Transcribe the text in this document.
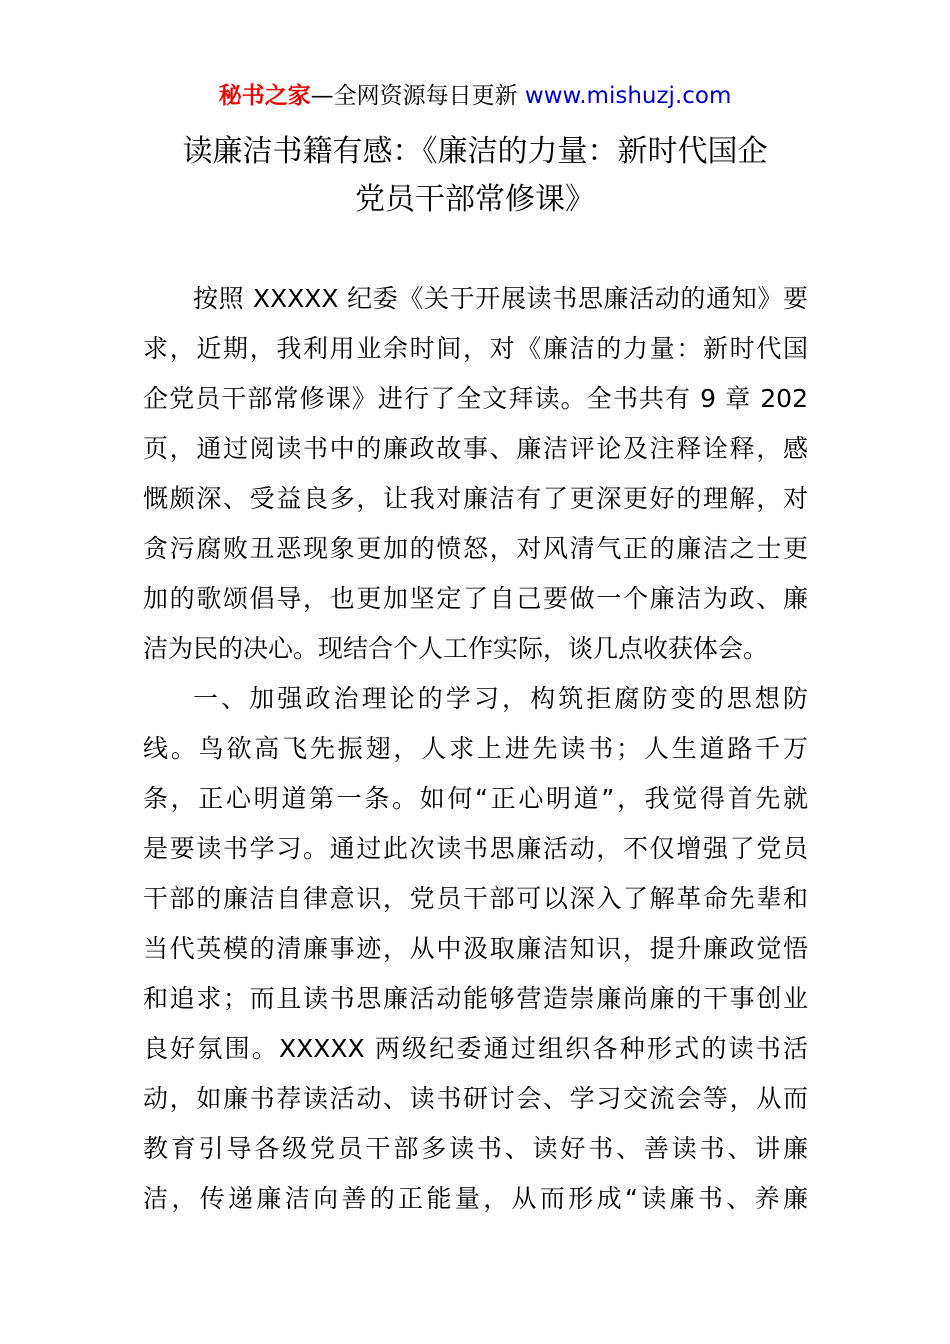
秘书之家—全网资源每日更新 www.mishuzj.com
读廉洁书籍有感：《廉洁的力量：新时代国企
党员干部常修课》
按照 XXXXX 纪委《关于开展读书思廉活动的通知》要
求，近期，我利用业余时间，对《廉洁的力量：新时代国
企党员干部常修课》进行了全文拜读。全书共有 9 章 202
页，通过阅读书中的廉政故事、廉洁评论及注释诠释，感
慨颇深、受益良多，让我对廉洁有了更深更好的理解，对
贪污腐败丑恶现象更加的愤怒，对风清气正的廉洁之士更
加的歌颂倡导，也更加坚定了自己要做一个廉洁为政、廉
洁为民的决心。现结合个人工作实际，谈几点收获体会。
一、加强政治理论的学习，构筑拒腐防变的思想防
线。鸟欲高飞先振翅，人求上进先读书；人生道路千万
条，正心明道第一条。如何“正心明道”，我觉得首先就
是要读书学习。通过此次读书思廉活动，不仅增强了党员
干部的廉洁自律意识，党员干部可以深入了解革命先辈和
当代英模的清廉事迹，从中汲取廉洁知识，提升廉政觉悟
和追求；而且读书思廉活动能够营造崇廉尚廉的干事创业
良好氛围。XXXXX 两级纪委通过组织各种形式的读书活
动，如廉书荐读活动、读书研讨会、学习交流会等，从而
教育引导各级党员干部多读书、读好书、善读书、讲廉
洁，传递廉洁向善的正能量，从而形成“读廉书、养廉
